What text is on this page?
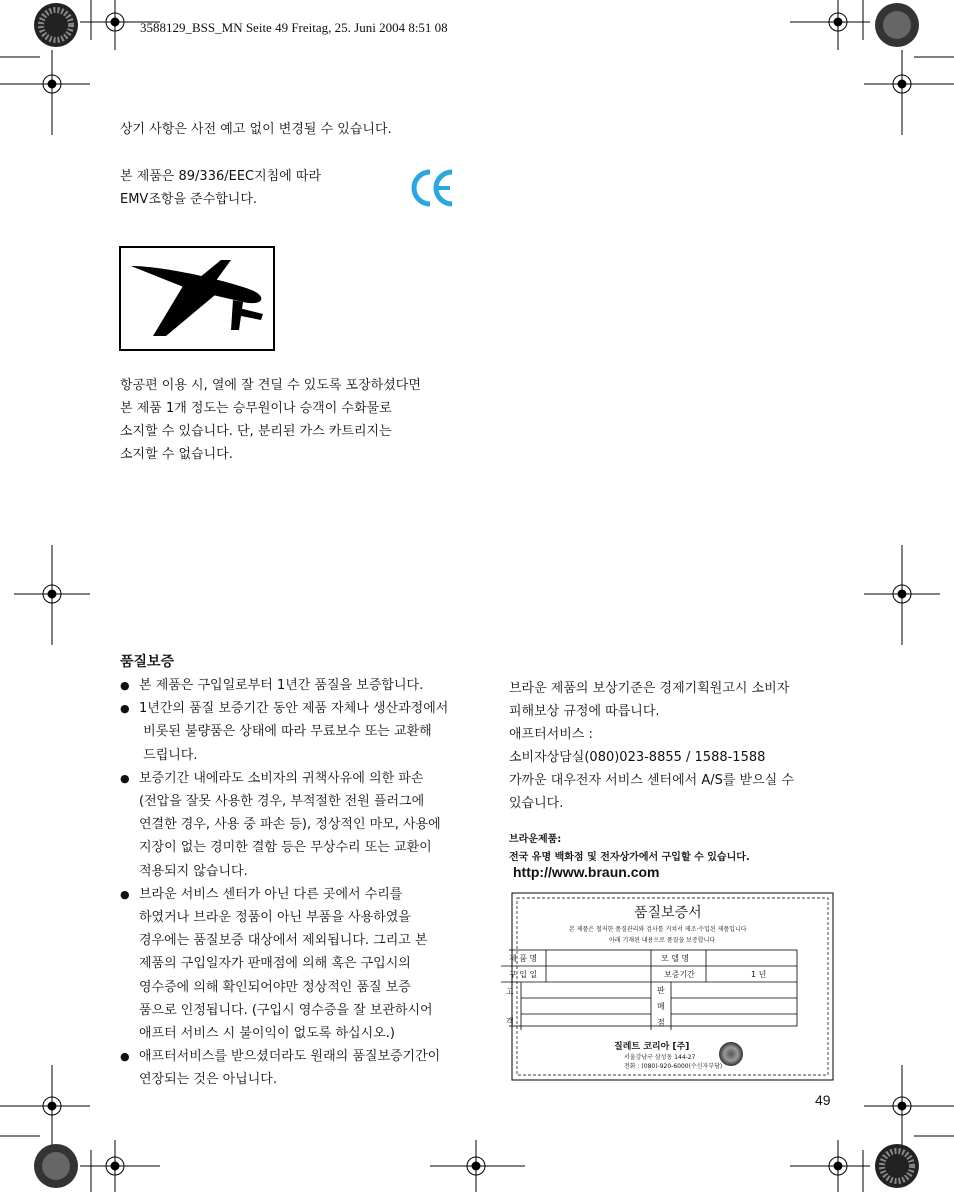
3588129_BSS_MN Seite 49 Freitag, 25. Juni 2004 8:51 08
상기 사항은 사전 예고 없이 변경될 수 있습니다.
본 제품은 89/336/EEC지침에 따라
EMV조항을 준수합니다.
항공편 이용 시, 열에 잘 견딜 수 있도록 포장하셨다면
본 제품 1개 정도는 승무원이나 승객이 수화물로
소지할 수 있습니다. 단, 분리된 가스 카트리지는
소지할 수 없습니다.
품질보증
● 본 제품은 구입일로부터 1년간 품질을 보증합니다.
● 1년간의 품질 보증기간 동안 제품 자체나 생산과정에서
비롯된 불량품은 상태에 따라 무료보수 또는 교환해
드립니다.
● 보증기간 내에라도 소비자의 귀책사유에 의한 파손
(전압을 잘못 사용한 경우, 부적절한 전원 플러그에
연결한 경우, 사용 중 파손 등), 정상적인 마모, 사용에
지장이 없는 경미한 결함 등은 무상수리 또는 교환이
적용되지 않습니다.
● 브라운 서비스 센터가 아닌 다른 곳에서 수리를
하였거나 브라운 정품이 아닌 부품을 사용하였을
경우에는 품질보증 대상에서 제외됩니다. 그리고 본
제품의 구입일자가 판매점에 의해 혹은 구입시의
영수증에 의해 확인되어야만 정상적인 품질 보증
품으로 인정됩니다. (구입시 영수증을 잘 보관하시어
애프터 서비스 시 불이익이 없도록 하십시오.)
● 애프터서비스를 받으셨더라도 원래의 품질보증기간이
연장되는 것은 아닙니다.
브라운 제품의 보상기준은 경제기획원고시 소비자
피해보상 규정에 따릅니다.
애프터서비스 :
소비자상담실(080)023-8855 / 1588-1588
가까운 대우전자 서비스 센터에서 A/S를 받으실 수
있습니다.
브라운제품:
전국 유명 백화점 및 전자상가에서 구입할 수 있습니다.
http://www.braun.com
품질보증서
본 제품은 철저한 품질관리와 검사를 거쳐서 제조·수입된 제품입니다
아래 기재된 내용으로 품질을 보증합니다
제 품 명	모 델 명
구 입 일	보증기간	1 년
고
객
판
매
점
질레트 코리아 [주]
서울강남구 삼성동 144-27
전화 : (080)-920-6000(수신자부담)
49
